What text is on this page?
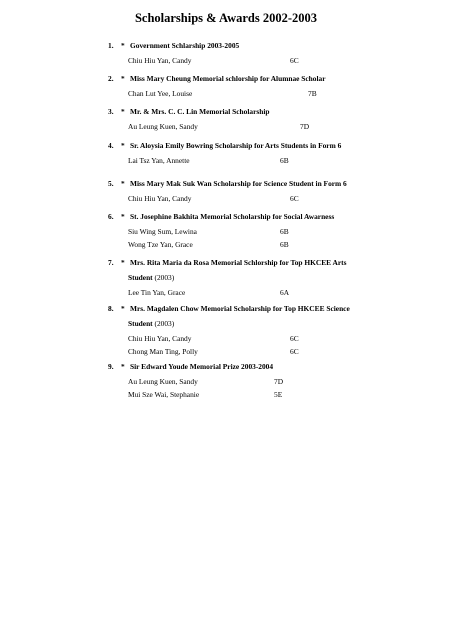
Scholarships & Awards 2002-2003
1. * Government Schlarship 2003-2005
Chiu Hiu Yan, Candy	6C
2. * Miss Mary Cheung Memorial schlorship for Alumnae Scholar
Chan Lut Yee, Louise	7B
3. * Mr. & Mrs. C. C. Lin Memorial Scholarship
Au Leung Kuen, Sandy	7D
4. * Sr. Aloysia Emily Bowring Scholarship for Arts Students in Form 6
Lai Tsz Yan, Annette	6B
5. * Miss Mary Mak Suk Wan Scholarship for Science Student in Form 6
Chiu Hiu Yan, Candy	6C
6. * St. Josephine Bakhita Memorial Scholarship for Social Awarness
Siu Wing Sum, Lewina	6B
Wong Tze Yan, Grace	6B
7. * Mrs. Rita Maria da Rosa Memorial Schlorship for Top HKCEE Arts
Student (2003)
Lee Tin Yan, Grace	6A
8. * Mrs. Magdalen Chow Memorial Scholarship for Top HKCEE Science
Student (2003)
Chiu Hiu Yan, Candy	6C
Chong Man Ting, Polly	6C
9. * Sir Edward Youde Memorial Prize 2003-2004
Au Leung Kuen, Sandy	7D
Mui Sze Wai, Stephanie	5E
